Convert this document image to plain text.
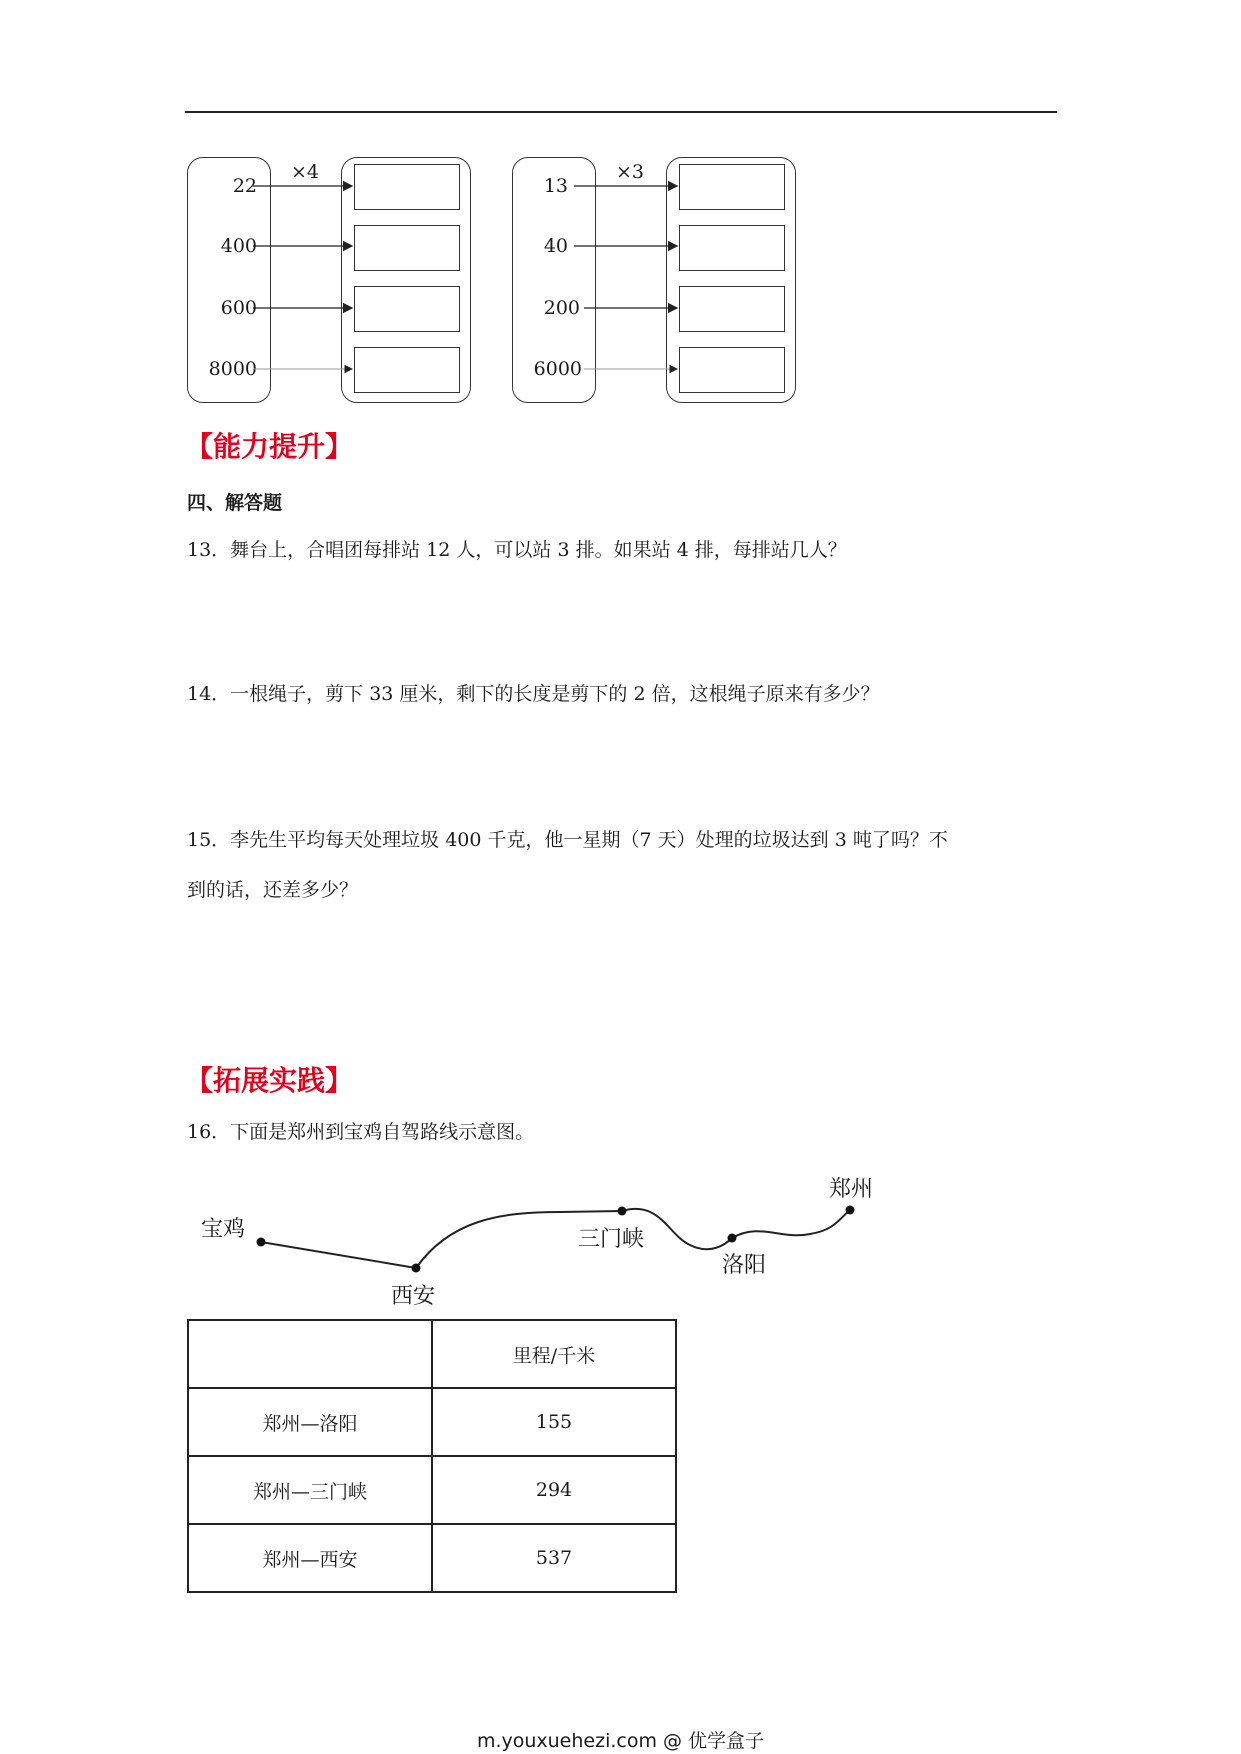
×4
22
400
600
8000
×3
13
40
200
6000
【能力提升】
四、解答题
13．舞台上，合唱团每排站 12 人，可以站 3 排。如果站 4 排，每排站几人？
14．一根绳子，剪下 33 厘米，剩下的长度是剪下的 2 倍，这根绳子原来有多少？
15．李先生平均每天处理垃圾 400 千克，他一星期（7 天）处理的垃圾达到 3 吨了吗？不
到的话，还差多少？
【拓展实践】
16．下面是郑州到宝鸡自驾路线示意图。
宝鸡
西安
三门峡
洛阳
郑州
	里程/千米
郑州—洛阳	155
郑州—三门峡	294
郑州—西安	537
m.youxuehezi.com @ 优学盒子
